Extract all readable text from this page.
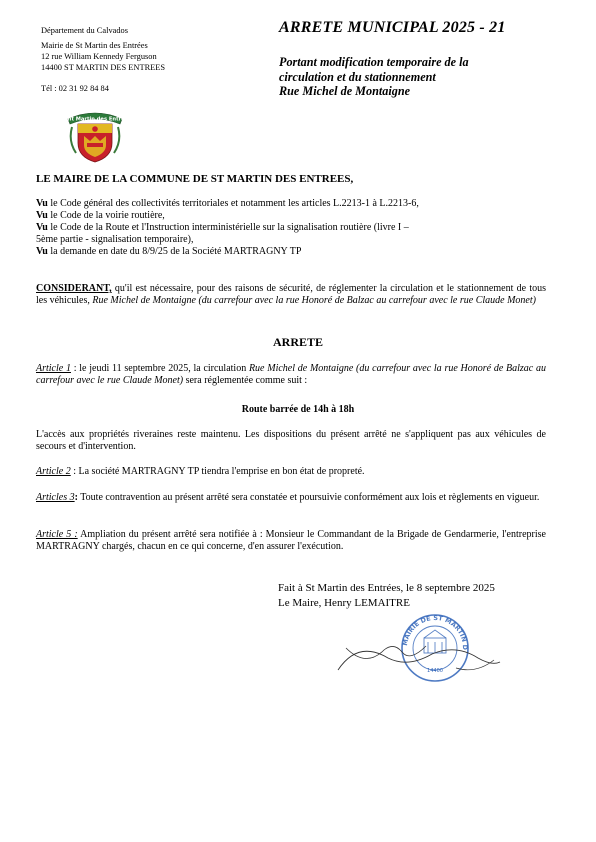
Département du Calvados
Mairie de St Martin des Entrées
12 rue William Kennedy Ferguson
14400 ST MARTIN DES ENTREES
Tél : 02 31 92 84 84
Saint Martin des Entrées
ARRETE MUNICIPAL 2025 - 21
Portant modification temporaire de la
circulation et du stationnement
Rue Michel de Montaigne
LE MAIRE DE LA COMMUNE DE ST MARTIN DES ENTREES,
Vu le Code général des collectivités territoriales et notamment les articles L.2213-1 à L.2213-6,
Vu le Code de la voirie routière,
Vu le Code de la Route et l'Instruction interministérielle sur la signalisation routière (livre I –
5ème partie - signalisation temporaire),
Vu la demande en date du 8/9/25 de la Société MARTRAGNY TP
CONSIDERANT, qu'il est nécessaire, pour des raisons de sécurité, de réglementer la circulation et le stationnement de tous les véhicules, Rue Michel de Montaigne (du carrefour avec la rue Honoré de Balzac au carrefour avec le rue Claude Monet)
ARRETE
Article 1 : le jeudi 11 septembre 2025, la circulation Rue Michel de Montaigne (du carrefour avec la rue Honoré de Balzac au carrefour avec le rue Claude Monet) sera réglementée comme suit :
Route barrée de 14h à 18h
L'accès aux propriétés riveraines reste maintenu. Les dispositions du présent arrêté ne s'appliquent pas aux véhicules de secours et d'intervention.
Article 2 : La société MARTRAGNY TP tiendra l'emprise en bon état de propreté.
Articles 3: Toute contravention au présent arrêté sera constatée et poursuivie conformément aux lois et règlements en vigueur.
Article 5 : Ampliation du présent arrêté sera notifiée à : Monsieur le Commandant de la Brigade de Gendarmerie, l'entreprise MARTRAGNY chargés, chacun en ce qui concerne, d'en assurer l'exécution.
Fait à St Martin des Entrées, le 8 septembre 2025
Le Maire, Henry LEMAITRE
MAIRIE DE ST MARTIN D
14400
